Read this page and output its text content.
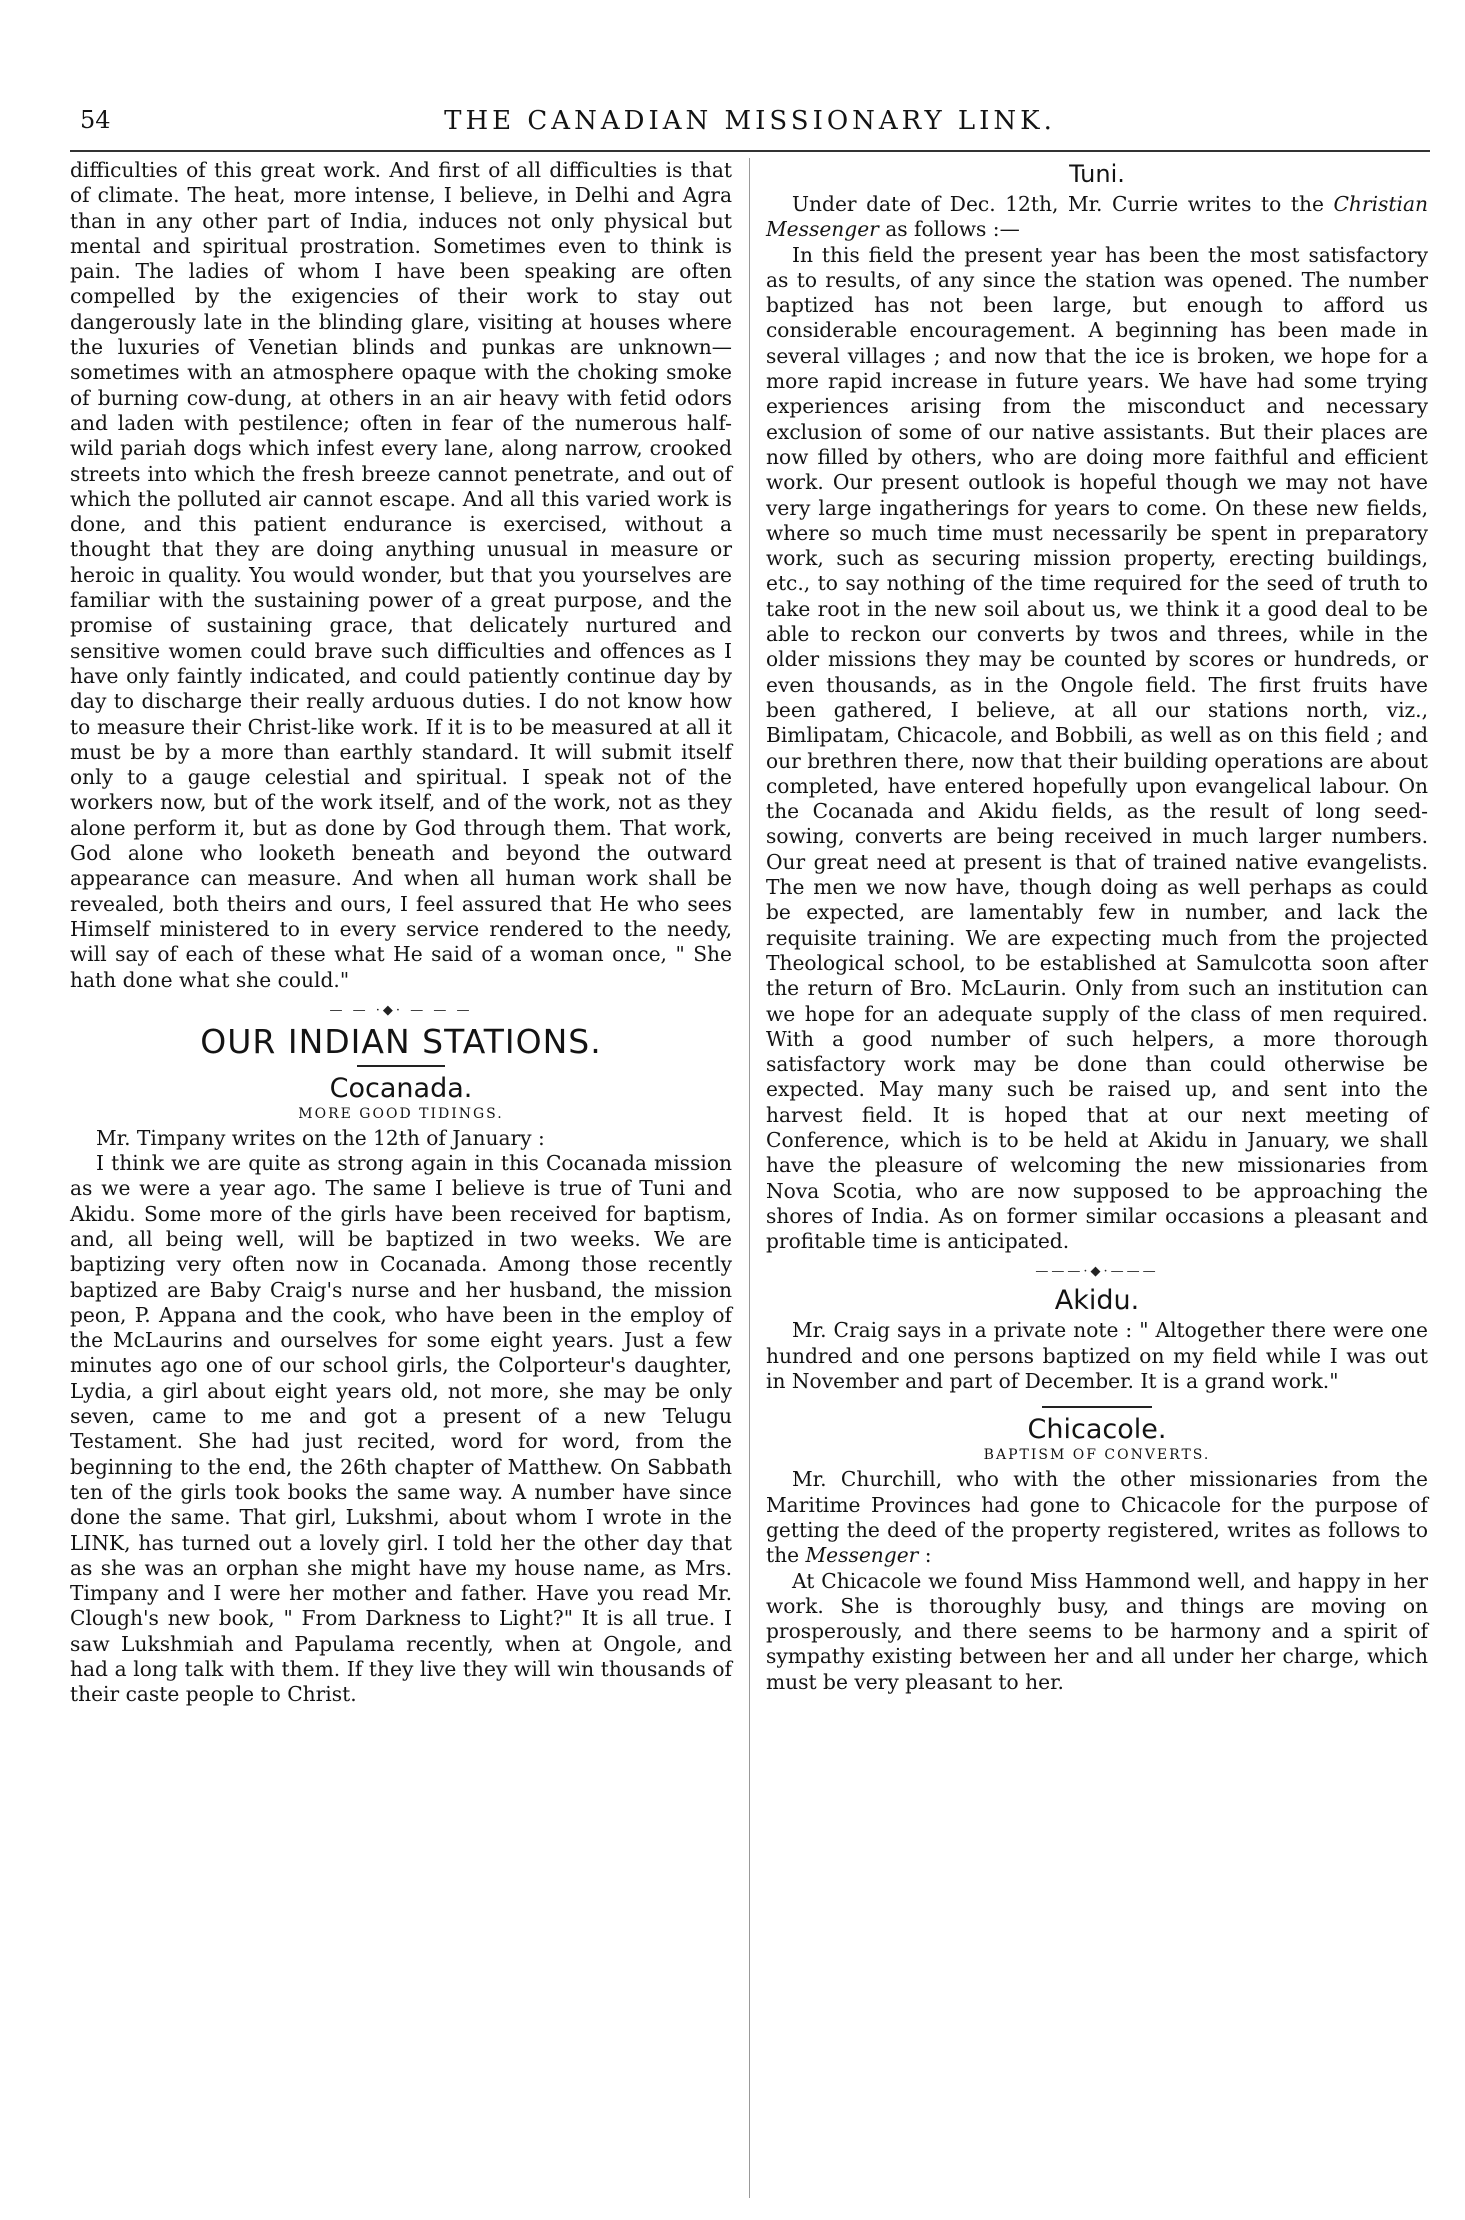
54	THE CANADIAN MISSIONARY LINK.

difficulties of this great work. And first of all difficulties is that of climate. The heat, more intense, I believe, in Delhi and Agra than in any other part of India, induces not only physical but mental and spiritual prostration. Sometimes even to think is pain. The ladies of whom I have been speaking are often compelled by the exigencies of their work to stay out dangerously late in the blinding glare, visiting at houses where the luxuries of Venetian blinds and punkas are unknown—sometimes with an atmosphere opaque with the choking smoke of burning cow-dung, at others in an air heavy with fetid odors and laden with pestilence; often in fear of the numerous half-wild pariah dogs which infest every lane, along narrow, crooked streets into which the fresh breeze cannot penetrate, and out of which the polluted air cannot escape. And all this varied work is done, and this patient endurance is exercised, without a thought that they are doing anything unusual in measure or heroic in quality. You would wonder, but that you yourselves are familiar with the sustaining power of a great purpose, and the promise of sustaining grace, that delicately nurtured and sensitive women could brave such difficulties and offences as I have only faintly indicated, and could patiently continue day by day to discharge their really arduous duties. I do not know how to measure their Christ-like work. If it is to be measured at all it must be by a more than earthly standard. It will submit itself only to a gauge celestial and spiritual. I speak not of the workers now, but of the work itself, and of the work, not as they alone perform it, but as done by God through them. That work, God alone who looketh beneath and beyond the outward appearance can measure. And when all human work shall be revealed, both theirs and ours, I feel assured that He who sees Himself ministered to in every service rendered to the needy, will say of each of these what He said of a woman once, " She hath done what she could."

— — ·◆· — — —
OUR INDIAN STATIONS.
Cocanada.
MORE GOOD TIDINGS.

Mr. Timpany writes on the 12th of January :

I think we are quite as strong again in this Cocanada mission as we were a year ago. The same I believe is true of Tuni and Akidu. Some more of the girls have been received for baptism, and, all being well, will be baptized in two weeks. We are baptizing very often now in Cocanada. Among those recently baptized are Baby Craig's nurse and her husband, the mission peon, P. Appana and the cook, who have been in the employ of the McLaurins and ourselves for some eight years. Just a few minutes ago one of our school girls, the Colporteur's daughter, Lydia, a girl about eight years old, not more, she may be only seven, came to me and got a present of a new Telugu Testament. She had just recited, word for word, from the beginning to the end, the 26th chapter of Matthew. On Sabbath ten of the girls took books the same way. A number have since done the same. That girl, Lukshmi, about whom I wrote in the LINK, has turned out a lovely girl. I told her the other day that as she was an orphan she might have my house name, as Mrs. Timpany and I were her mother and father. Have you read Mr. Clough's new book, " From Darkness to Light?" It is all true. I saw Lukshmiah and Papulama recently, when at Ongole, and had a long talk with them. If they live they will win thousands of their caste people to Christ.

Tuni.

Under date of Dec. 12th, Mr. Currie writes to the Christian Messenger as follows :—

In this field the present year has been the most satisfactory as to results, of any since the station was opened. The number baptized has not been large, but enough to afford us considerable encouragement. A beginning has been made in several villages ; and now that the ice is broken, we hope for a more rapid increase in future years. We have had some trying experiences arising from the misconduct and necessary exclusion of some of our native assistants. But their places are now filled by others, who are doing more faithful and efficient work. Our present outlook is hopeful though we may not have very large ingatherings for years to come. On these new fields, where so much time must necessarily be spent in preparatory work, such as securing mission property, erecting buildings, etc., to say nothing of the time required for the seed of truth to take root in the new soil about us, we think it a good deal to be able to reckon our converts by twos and threes, while in the older missions they may be counted by scores or hundreds, or even thousands, as in the Ongole field. The first fruits have been gathered, I believe, at all our stations north, viz., Bimlipatam, Chicacole, and Bobbili, as well as on this field ; and our brethren there, now that their building operations are about completed, have entered hopefully upon evangelical labour. On the Cocanada and Akidu fields, as the result of long seed-sowing, converts are being received in much larger numbers. Our great need at present is that of trained native evangelists. The men we now have, though doing as well perhaps as could be expected, are lamentably few in number, and lack the requisite training. We are expecting much from the projected Theological school, to be established at Samulcotta soon after the return of Bro. McLaurin. Only from such an institution can we hope for an adequate supply of the class of men required. With a good number of such helpers, a more thorough satisfactory work may be done than could otherwise be expected. May many such be raised up, and sent into the harvest field. It is hoped that at our next meeting of Conference, which is to be held at Akidu in January, we shall have the pleasure of welcoming the new missionaries from Nova Scotia, who are now supposed to be approaching the shores of India. As on former similar occasions a pleasant and profitable time is anticipated.

———·◆·———
Akidu.

Mr. Craig says in a private note : " Altogether there were one hundred and one persons baptized on my field while I was out in November and part of December. It is a grand work."

Chicacole.
BAPTISM OF CONVERTS.

Mr. Churchill, who with the other missionaries from the Maritime Provinces had gone to Chicacole for the purpose of getting the deed of the property registered, writes as follows to the Messenger :

At Chicacole we found Miss Hammond well, and happy in her work. She is thoroughly busy, and things are moving on prosperously, and there seems to be harmony and a spirit of sympathy existing between her and all under her charge, which must be very pleasant to her.
